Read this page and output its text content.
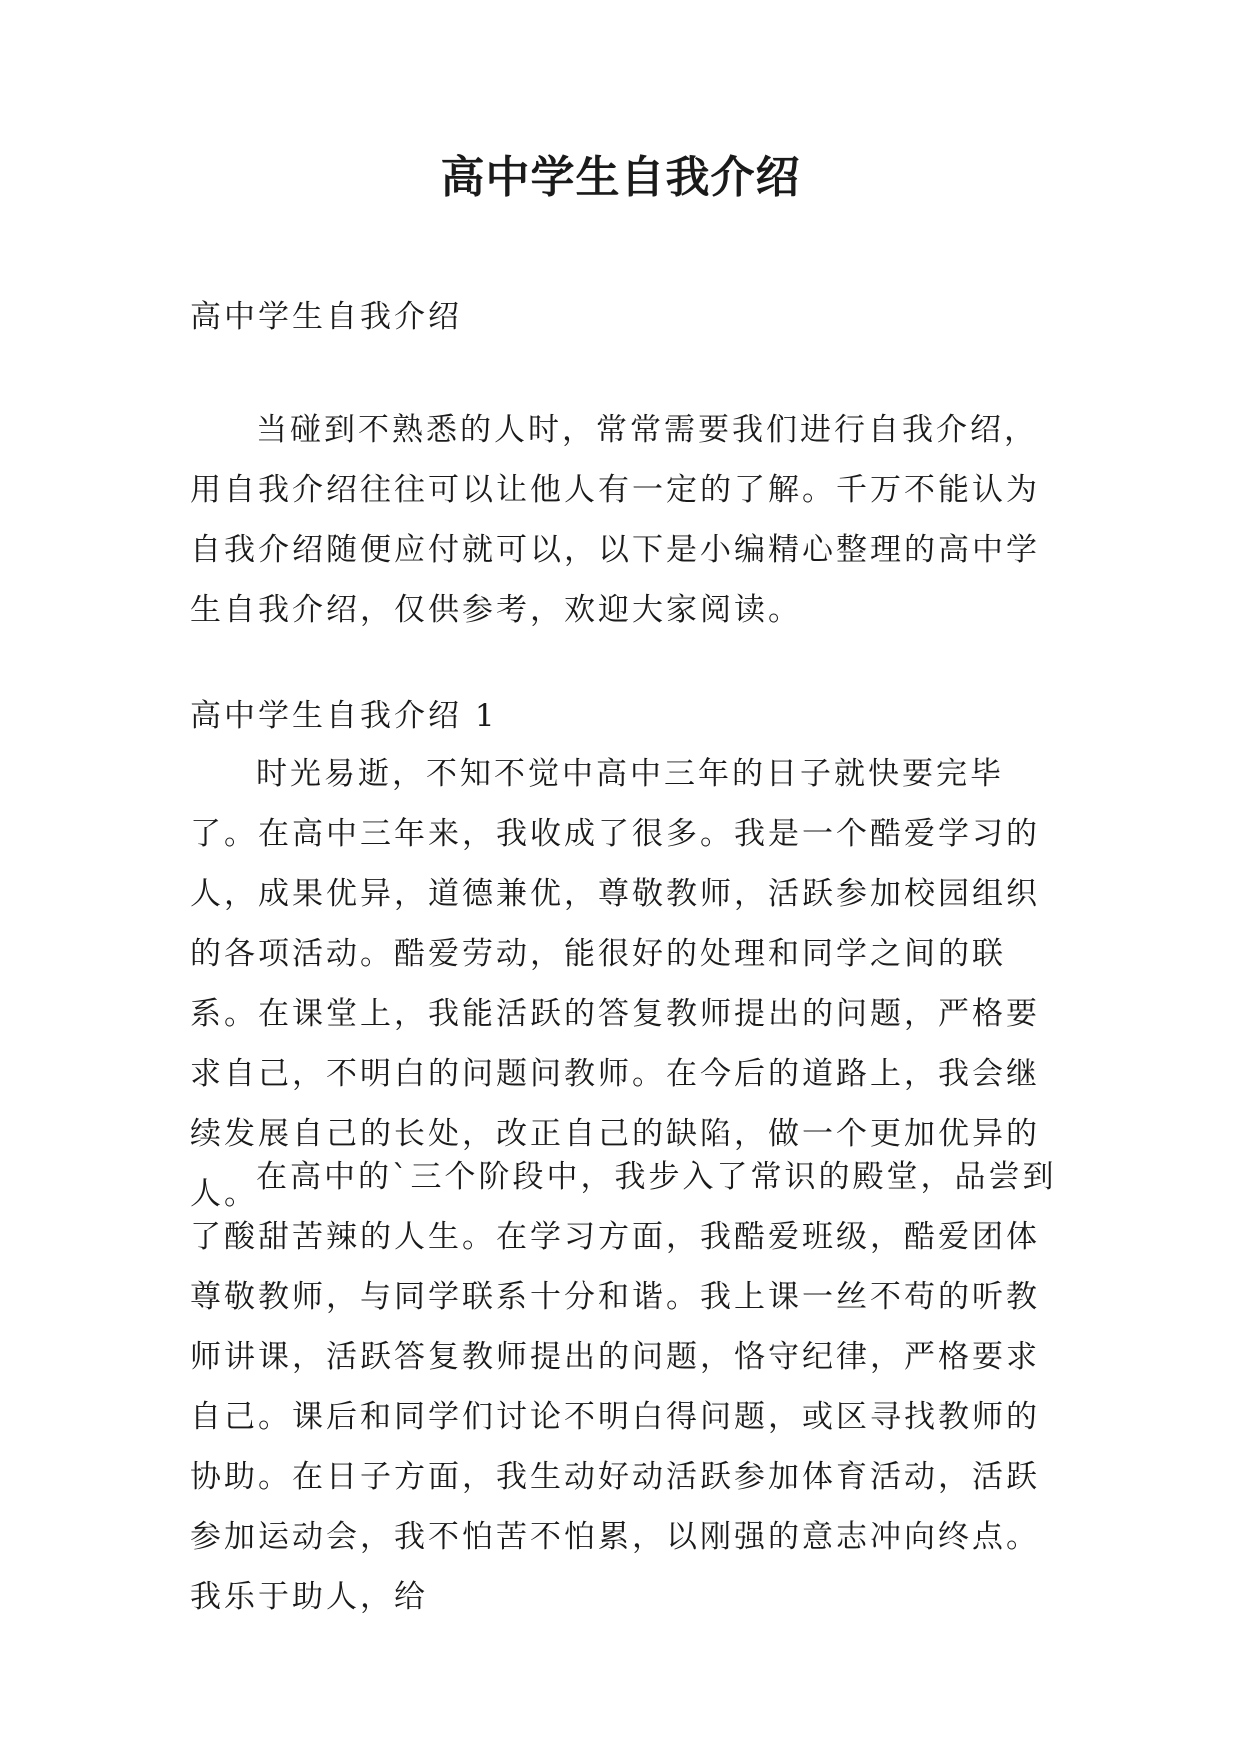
高中学生自我介绍

高中学生自我介绍

当碰到不熟悉的人时，常常需要我们进行自我介绍，用自我介绍往往可以让他人有一定的了解。千万不能认为自我介绍随便应付就可以，以下是小编精心整理的高中学生自我介绍，仅供参考，欢迎大家阅读。

高中学生自我介绍 1

时光易逝，不知不觉中高中三年的日子就快要完毕了。在高中三年来，我收成了很多。我是一个酷爱学习的人，成果优异，道德兼优，尊敬教师，活跃参加校园组织的各项活动。酷爱劳动，能很好的处理和同学之间的联系。在课堂上，我能活跃的答复教师提出的问题，严格要求自己，不明白的问题问教师。在今后的道路上，我会继续发展自己的长处，改正自己的缺陷，做一个更加优异的人。

在高中的`三个阶段中，我步入了常识的殿堂，品尝到了酸甜苦辣的人生。在学习方面，我酷爱班级，酷爱团体尊敬教师，与同学联系十分和谐。我上课一丝不苟的听教师讲课，活跃答复教师提出的问题，恪守纪律，严格要求自己。课后和同学们讨论不明白得问题，或区寻找教师的协助。在日子方面，我生动好动活跃参加体育活动，活跃参加运动会，我不怕苦不怕累，以刚强的意志冲向终点。我乐于助人，给
